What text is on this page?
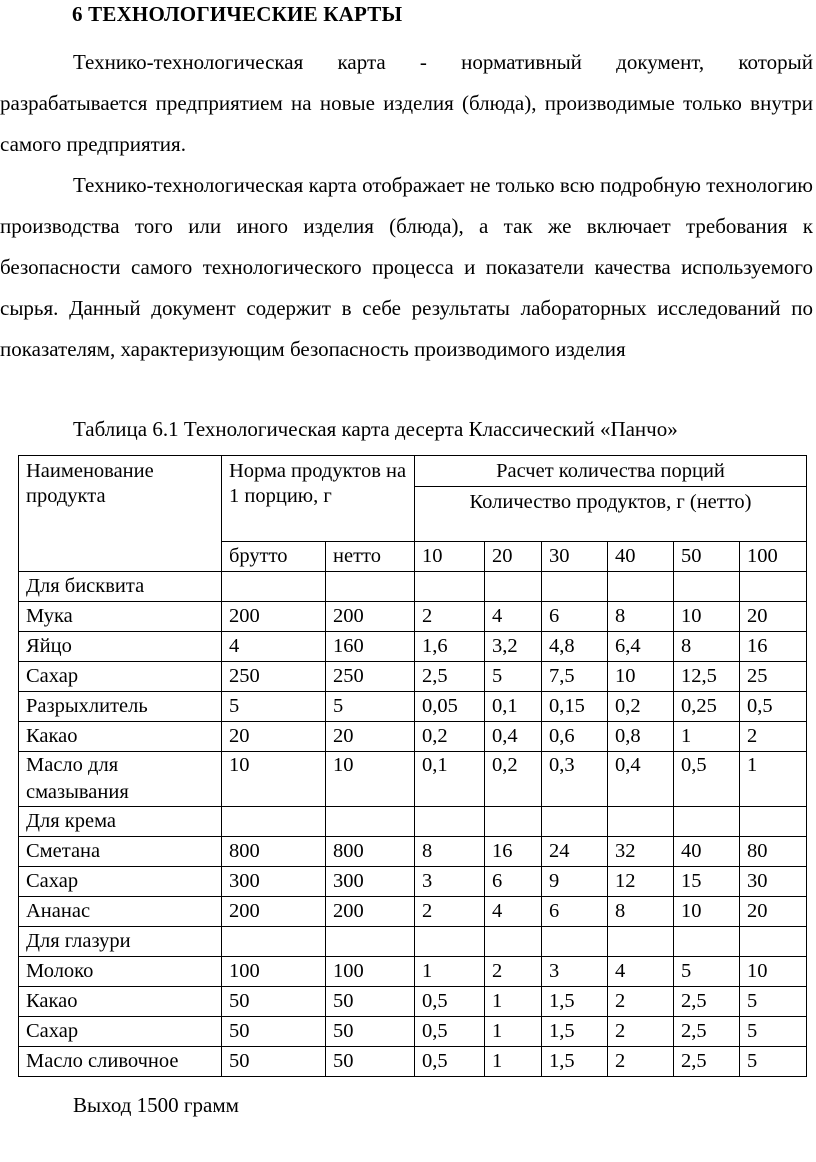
6 ТЕХНОЛОГИЧЕСКИЕ КАРТЫ

Технико-технологическая карта - нормативный документ, который разрабатывается предприятием на новые изделия (блюда), производимые только внутри самого предприятия.

Технико-технологическая карта отображает не только всю подробную технологию производства того или иного изделия (блюда), а так же включает требования к безопасности самого технологического процесса и показатели качества используемого сырья. Данный документ содержит в себе результаты лабораторных исследований по показателям, характеризующим безопасность производимого изделия

Таблица 6.1 Технологическая карта десерта Классический «Панчо»

Наименование продукта	Норма продуктов на 1 порцию, г		Расчет количества порций					
			Количество продуктов, г (нетто)					
	брутто	нетто	10	20	30	40	50	100
Для бисквита								
Мука	200	200	2	4	6	8	10	20
Яйцо	4	160	1,6	3,2	4,8	6,4	8	16
Сахар	250	250	2,5	5	7,5	10	12,5	25
Разрыхлитель	5	5	0,05	0,1	0,15	0,2	0,25	0,5
Какао	20	20	0,2	0,4	0,6	0,8	1	2
Масло для смазывания	10	10	0,1	0,2	0,3	0,4	0,5	1
Для крема								
Сметана	800	800	8	16	24	32	40	80
Сахар	300	300	3	6	9	12	15	30
Ананас	200	200	2	4	6	8	10	20
Для глазури								
Молоко	100	100	1	2	3	4	5	10
Какао	50	50	0,5	1	1,5	2	2,5	5
Сахар	50	50	0,5	1	1,5	2	2,5	5
Масло сливочное	50	50	0,5	1	1,5	2	2,5	5

Выход 1500 грамм
